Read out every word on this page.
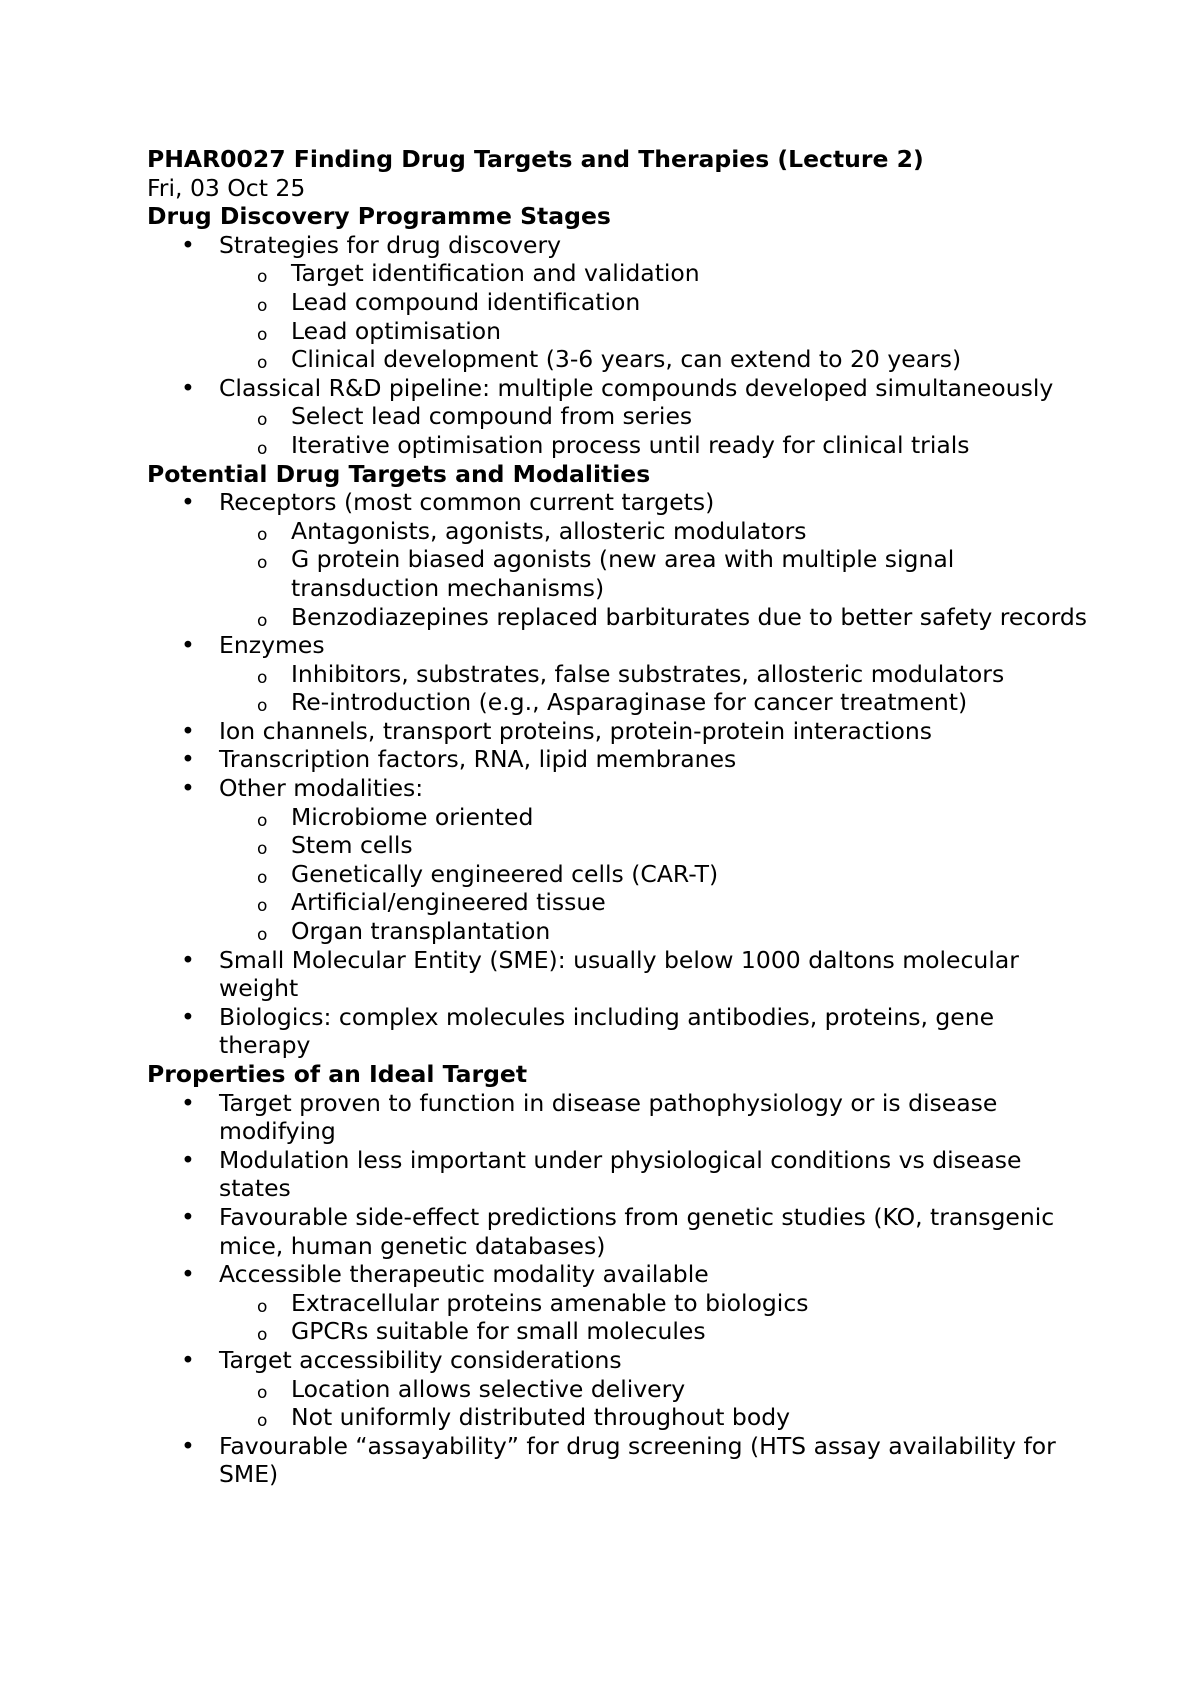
PHAR0027 Finding Drug Targets and Therapies (Lecture 2)
Fri, 03 Oct 25
Drug Discovery Programme Stages
• Strategies for drug discovery
o Target identification and validation
o Lead compound identification
o Lead optimisation
o Clinical development (3-6 years, can extend to 20 years)
• Classical R&D pipeline: multiple compounds developed simultaneously
o Select lead compound from series
o Iterative optimisation process until ready for clinical trials
Potential Drug Targets and Modalities
• Receptors (most common current targets)
o Antagonists, agonists, allosteric modulators
o G protein biased agonists (new area with multiple signal transduction mechanisms)
o Benzodiazepines replaced barbiturates due to better safety records
• Enzymes
o Inhibitors, substrates, false substrates, allosteric modulators
o Re-introduction (e.g., Asparaginase for cancer treatment)
• Ion channels, transport proteins, protein-protein interactions
• Transcription factors, RNA, lipid membranes
• Other modalities:
o Microbiome oriented
o Stem cells
o Genetically engineered cells (CAR-T)
o Artificial/engineered tissue
o Organ transplantation
• Small Molecular Entity (SME): usually below 1000 daltons molecular weight
• Biologics: complex molecules including antibodies, proteins, gene therapy
Properties of an Ideal Target
• Target proven to function in disease pathophysiology or is disease modifying
• Modulation less important under physiological conditions vs disease states
• Favourable side-effect predictions from genetic studies (KO, transgenic mice, human genetic databases)
• Accessible therapeutic modality available
o Extracellular proteins amenable to biologics
o GPCRs suitable for small molecules
• Target accessibility considerations
o Location allows selective delivery
o Not uniformly distributed throughout body
• Favourable “assayability” for drug screening (HTS assay availability for SME)
